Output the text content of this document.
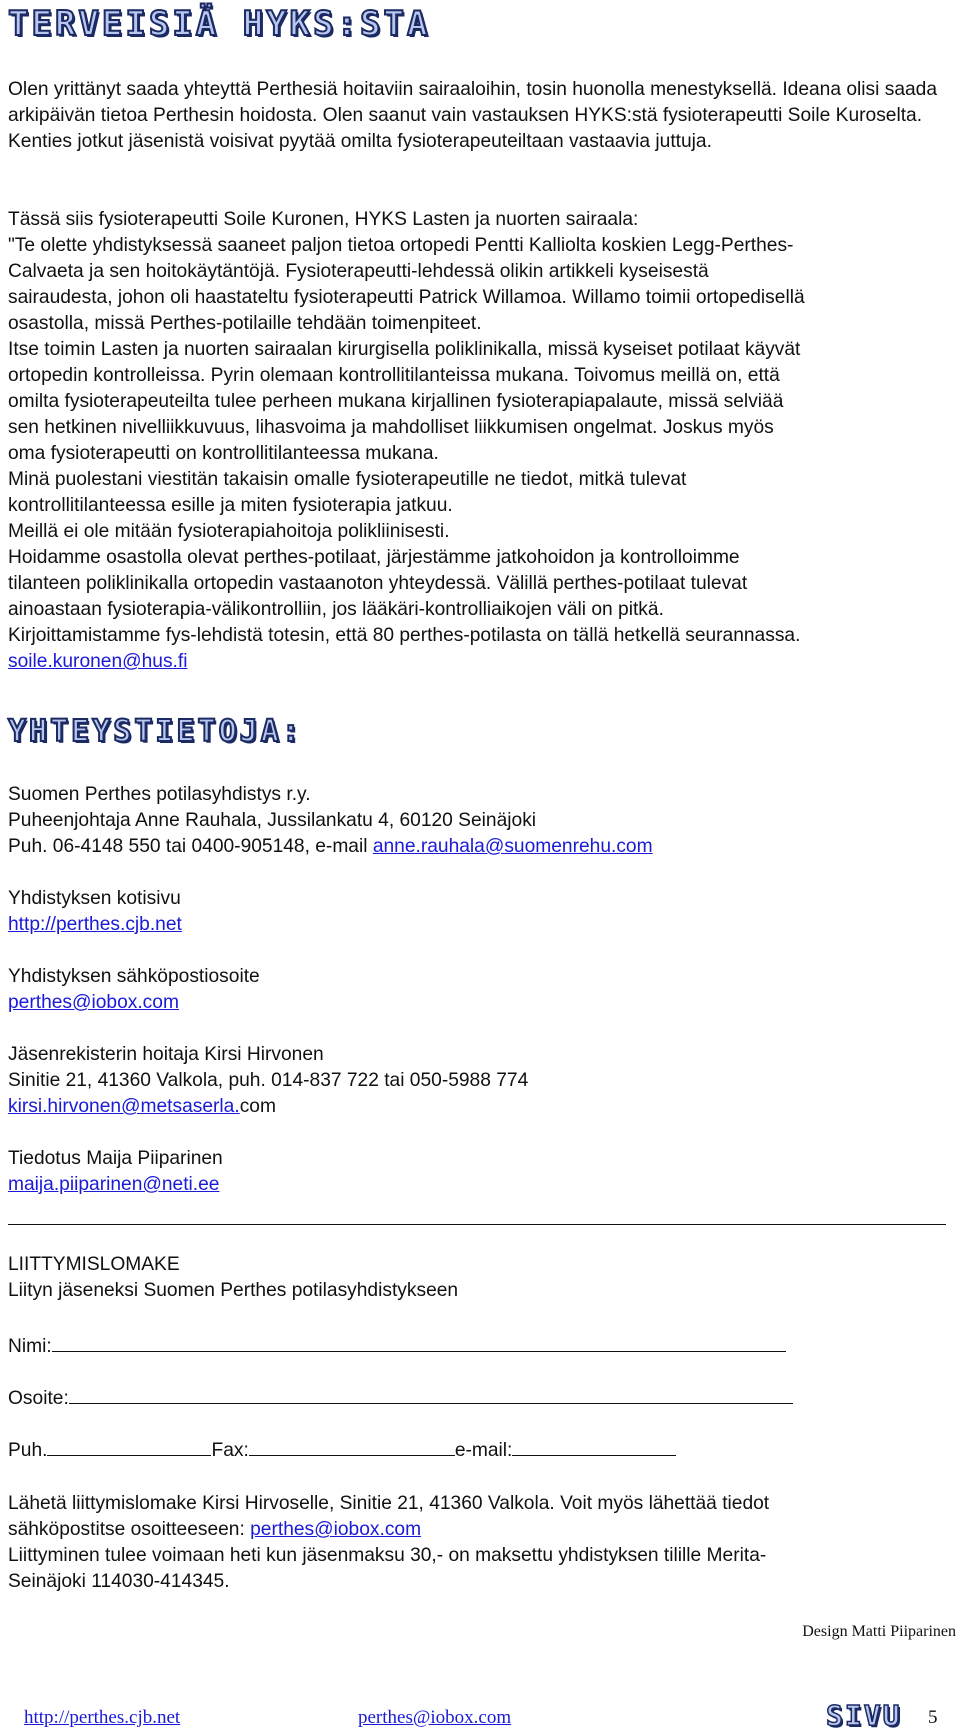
TERVEISIÄ HYKS:STA

Olen yrittänyt saada yhteyttä Perthesiä hoitaviin sairaaloihin, tosin huonolla menestyksellä. Ideana olisi saada arkipäivän tietoa Perthesin hoidosta. Olen saanut vain vastauksen HYKS:stä fysioterapeutti Soile Kuroselta. Kenties jotkut jäsenistä voisivat pyytää omilta fysioterapeuteiltaan vastaavia juttuja.

Tässä siis fysioterapeutti Soile Kuronen, HYKS Lasten ja nuorten sairaala:
"Te olette yhdistyksessä saaneet paljon tietoa ortopedi Pentti Kalliolta koskien Legg-Perthes-
Calvaeta ja sen hoitokäytäntöjä. Fysioterapeutti-lehdessä olikin artikkeli kyseisestä
sairaudesta, johon oli haastateltu fysioterapeutti Patrick Willamoa. Willamo toimii ortopedisellä
osastolla, missä Perthes-potilaille tehdään toimenpiteet.
Itse toimin Lasten ja nuorten sairaalan kirurgisella poliklinikalla, missä kyseiset potilaat käyvät
ortopedin kontrolleissa. Pyrin olemaan kontrollitilanteissa mukana. Toivomus meillä on, että
omilta fysioterapeuteilta tulee perheen mukana kirjallinen fysioterapiapalaute, missä selviää
sen hetkinen nivelliikkuvuus, lihasvoima ja mahdolliset liikkumisen ongelmat. Joskus myös
oma fysioterapeutti on kontrollitilanteessa mukana.
Minä puolestani viestitän takaisin omalle fysioterapeutille ne tiedot, mitkä tulevat
kontrollitilanteessa esille ja miten fysioterapia jatkuu.
Meillä ei ole mitään fysioterapiahoitoja polikliinisesti.
Hoidamme osastolla olevat perthes-potilaat, järjestämme jatkohoidon ja kontrolloimme
tilanteen poliklinikalla ortopedin vastaanoton yhteydessä. Välillä perthes-potilaat tulevat
ainoastaan fysioterapia-välikontrolliin, jos lääkäri-kontrolliaikojen väli on pitkä.
Kirjoittamistamme fys-lehdistä totesin, että 80 perthes-potilasta on tällä hetkellä seurannassa.
soile.kuronen@hus.fi
YHTEYSTIETOJA:
Suomen Perthes potilasyhdistys r.y.
Puheenjohtaja Anne Rauhala, Jussilankatu 4, 60120 Seinäjoki
Puh. 06-4148 550 tai 0400-905148, e-mail anne.rauhala@suomenrehu.com
Yhdistyksen kotisivu
http://perthes.cjb.net
Yhdistyksen sähköpostiosoite
perthes@iobox.com
Jäsenrekisterin hoitaja Kirsi Hirvonen
Sinitie 21, 41360 Valkola, puh. 014-837 722 tai 050-5988 774
kirsi.hirvonen@metsaserla.com
Tiedotus Maija Piiparinen
maija.piiparinen@neti.ee
LIITTYMISLOMAKE
Liityn jäseneksi Suomen Perthes potilasyhdistykseen
Nimi:
Osoite:
Puh.	Fax:	e-mail:
Lähetä liittymislomake Kirsi Hirvoselle, Sinitie 21, 41360 Valkola. Voit myös lähettää tiedot
sähköpostitse osoitteeseen: perthes@iobox.com
Liittyminen tulee voimaan heti kun jäsenmaksu 30,- on maksettu yhdistyksen tilille Merita-
Seinäjoki 114030-414345.
Design Matti Piiparinen
http://perthes.cjb.net	perthes@iobox.com	SIVU 5
